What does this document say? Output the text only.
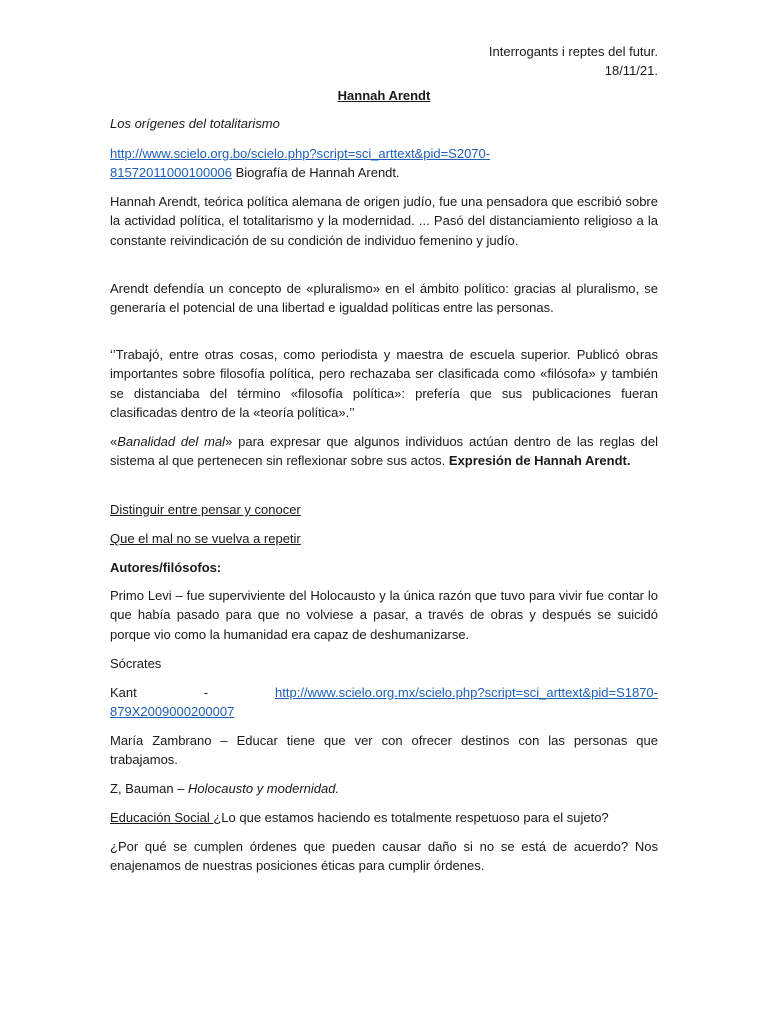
Interrogants i reptes del futur.
18/11/21.
Hannah Arendt
Los orígenes del totalitarismo

http://www.scielo.org.bo/scielo.php?script=sci_arttext&pid=S2070-
81572011000100006 Biografía de Hannah Arendt.

Hannah Arendt, teórica política alemana de origen judío, fue una pensadora que escribió sobre la actividad política, el totalitarismo y la modernidad. ... Pasó del distanciamiento religioso a la constante reivindicación de su condición de individuo femenino y judío.

Arendt defendía un concepto de «pluralismo» en el ámbito político: gracias al pluralismo, se generaría el potencial de una libertad e igualdad políticas entre las personas.

‘’Trabajó, entre otras cosas, como periodista y maestra de escuela superior. Publicó obras importantes sobre filosofía política, pero rechazaba ser clasificada como «filósofa» y también se distanciaba del término «filosofía política»: prefería que sus publicaciones fueran clasificadas dentro de la «teoría política».’’

«Banalidad del mal» para expresar que algunos individuos actúan dentro de las reglas del sistema al que pertenecen sin reflexionar sobre sus actos. Expresión de Hannah Arendt.

Distinguir entre pensar y conocer
Que el mal no se vuelva a repetir
Autores/filósofos:

Primo Levi – fue superviviente del Holocausto y la única razón que tuvo para vivir fue contar lo que había pasado para que no volviese a pasar, a través de obras y después se suicidó porque vio como la humanidad era capaz de deshumanizarse.

Sócrates
Kant	-	http://www.scielo.org.mx/scielo.php?script=sci_arttext&pid=S1870-
879X2009000200007

María Zambrano – Educar tiene que ver con ofrecer destinos con las personas que trabajamos.

Z, Bauman – Holocausto y modernidad.
Educación Social ¿Lo que estamos haciendo es totalmente respetuoso para el sujeto?

¿Por qué se cumplen órdenes que pueden causar daño si no se está de acuerdo? Nos enajenamos de nuestras posiciones éticas para cumplir órdenes.
